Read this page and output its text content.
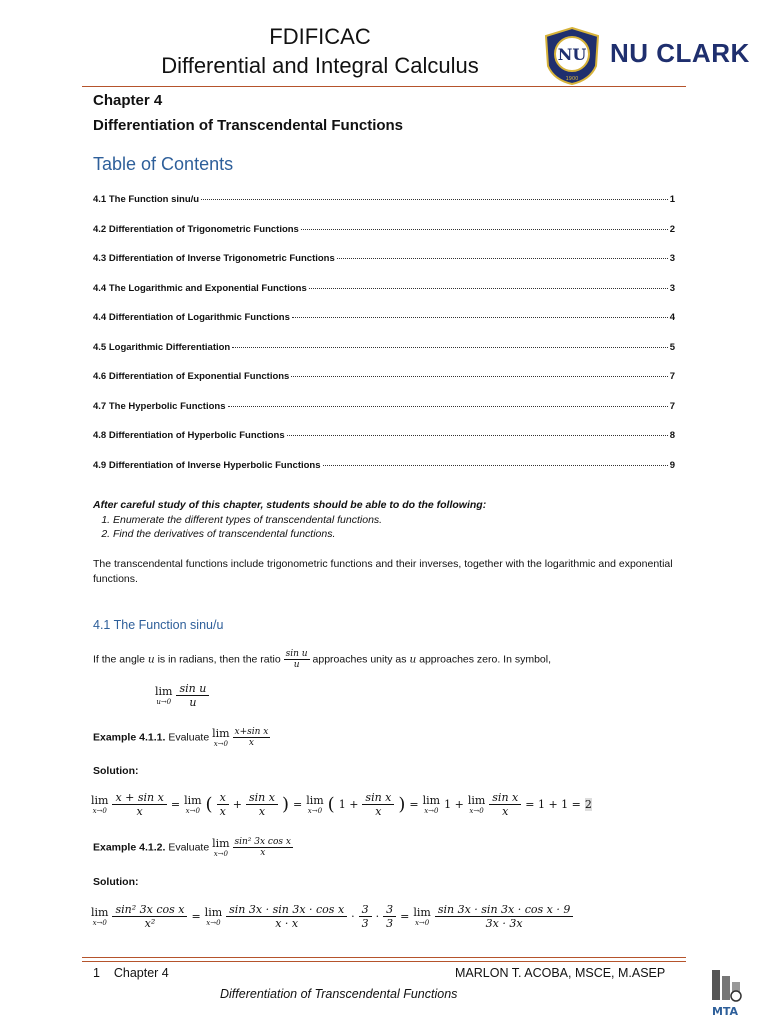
FDIFICAC
Differential and Integral Calculus	NU
1900
NU CLARK
Chapter 4
Differentiation of Transcendental Functions
Table of Contents
4.1 The Function sinu/u	1
4.2 Differentiation of Trigonometric Functions	2
4.3 Differentiation of Inverse Trigonometric Functions	3
4.4 The Logarithmic and Exponential Functions	3
4.4 Differentiation of Logarithmic Functions	4
4.5 Logarithmic Differentiation	5
4.6 Differentiation of Exponential Functions	7
4.7 The Hyperbolic Functions	7
4.8 Differentiation of Hyperbolic Functions	8
4.9 Differentiation of Inverse Hyperbolic Functions	9
After careful study of this chapter, students should be able to do the following:
1. Enumerate the different types of transcendental functions.
2. Find the derivatives of transcendental functions.
The transcendental functions include trigonometric functions and their inverses, together with the logarithmic and exponential functions.
4.1 The Function sinu/u
If the angle u is in radians, then the ratio $\frac{\text{sin u}}{u}$ approaches unity as u approaches zero. In symbol,
lim
u→0
sin u
u
Example 4.1.1. Evaluate lim
x→0
$\frac{\text{x+sin x}}{x}$
Solution:
lim
$x\to 0 \frac{\text{x + sin x}}{x} = \lim$
x→0 ( x
x
+ $\frac{\text{sin x}}{x}$ ) = lim
x→0 ( $1 + \frac{\text{sin x}}{x}$ ) = lim
x→0 1 + lim
$x\to 0 \frac{\text{sin x}}{x} = 1 + 1 = 2$
Example 4.1.2. Evaluate lim
x→0
$\frac{\text{sin² 3x cos x}}{x}$
Solution:
lim
$x\to 0 \frac{\text{sin² 3x cos x}}{\text{x²}} = \lim$
x→0
sin 3x · sin 3x · cos x
x · x
·
3
3
· $\frac{3}{3} = \lim$
x→0
sin 3x · sin 3x · cos x · 9
3x · 3x
1 Chapter 4	MARLON T. ACOBA, MSCE, M.ASEP
Differentiation of Transcendental Functions
MTA
